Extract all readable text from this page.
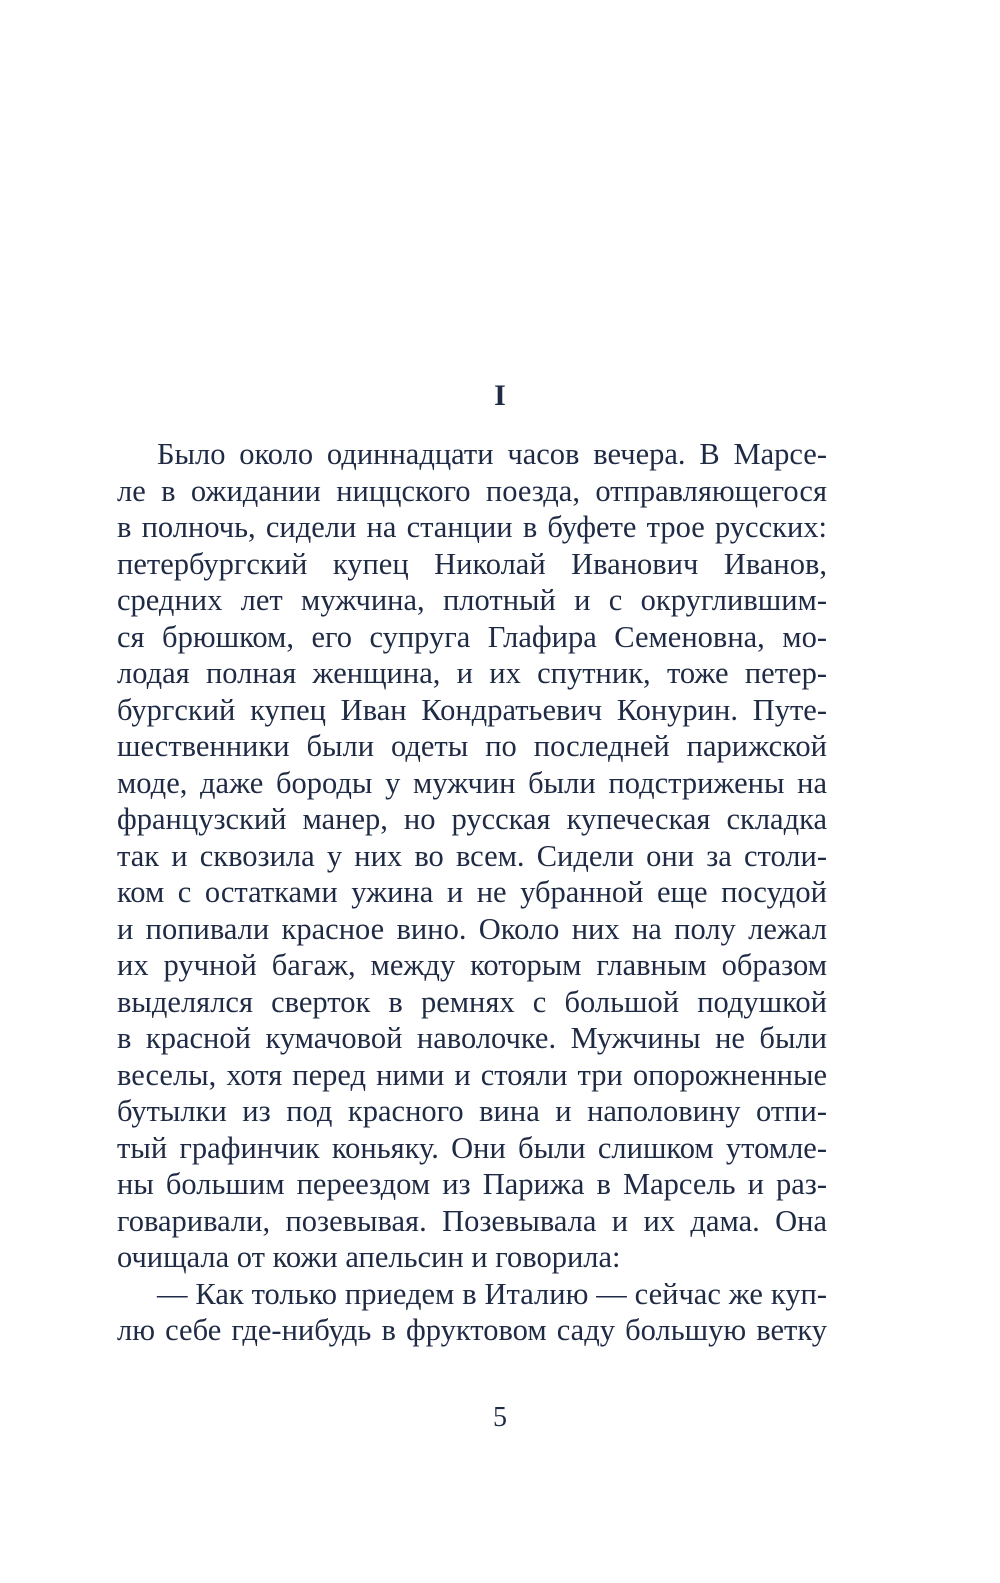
I
Было около одиннадцати часов вечера. В Марсе-
ле в ожидании ниццского поезда, отправляющегося
в полночь, сидели на станции в буфете трое русских:
петербургский купец Николай Иванович Иванов,
средних лет мужчина, плотный и с округлившим-
ся брюшком, его супруга Глафира Семеновна, мо-
лодая полная женщина, и их спутник, тоже петер-
бургский купец Иван Кондратьевич Конурин. Путе-
шественники были одеты по последней парижской
моде, даже бороды у мужчин были подстрижены на
французский манер, но русская купеческая складка
так и сквозила у них во всем. Сидели они за столи-
ком с остатками ужина и не убранной еще посудой
и попивали красное вино. Около них на полу лежал
их ручной багаж, между которым главным образом
выделялся сверток в ремнях с большой подушкой
в красной кумачовой наволочке. Мужчины не были
веселы, хотя перед ними и стояли три опорожненные
бутылки из под красного вина и наполовину отпи-
тый графинчик коньяку. Они были слишком утомле-
ны большим переездом из Парижа в Марсель и раз-
говаривали, позевывая. Позевывала и их дама. Она
очищала от кожи апельсин и говорила:
— Как только приедем в Италию — сейчас же куп-
лю себе где-нибудь в фруктовом саду большую ветку
5
